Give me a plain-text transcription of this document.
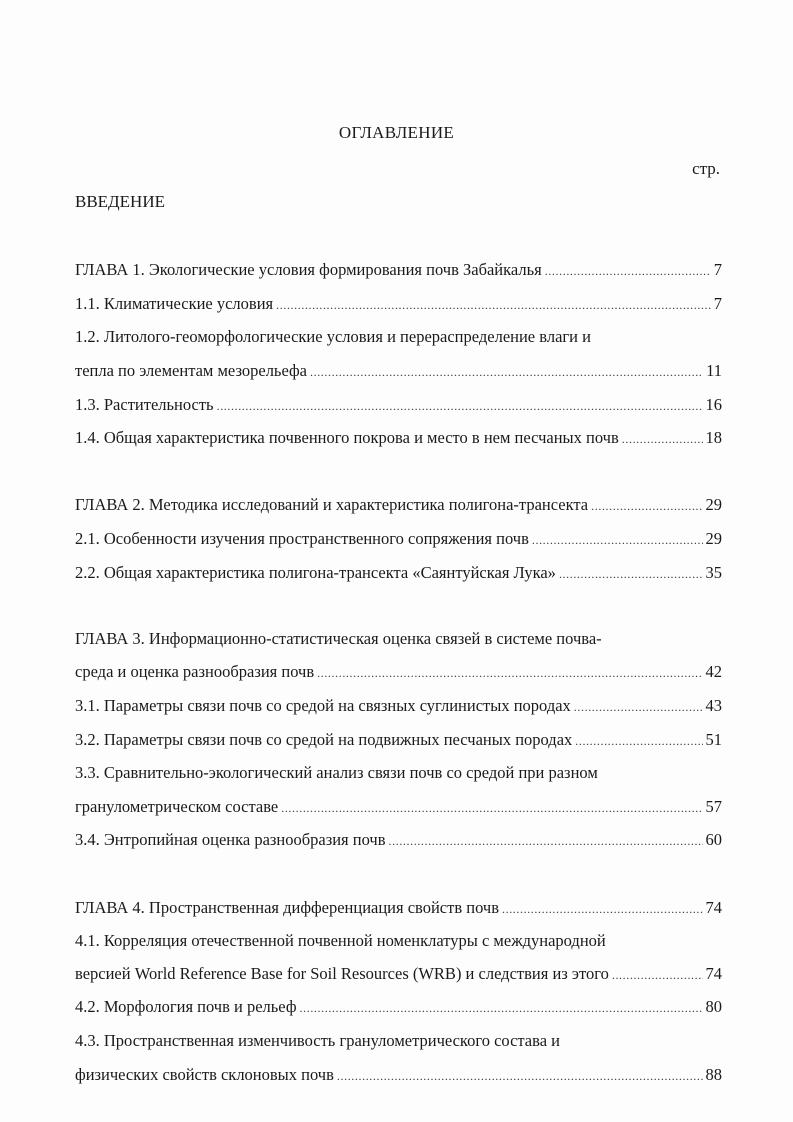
ОГЛАВЛЕНИЕ
стр.
ВВЕДЕНИЕ
ГЛАВА 1. Экологические условия формирования почв Забайкалья . . .	7
1.1. Климатические условия . . .	7
1.2. Литолого-геоморфологические условия и перераспределение влаги и
тепла по элементам мезорельефа . . .	11
1.3. Растительность . . .	16
1.4. Общая характеристика почвенного покрова и место в нем песчаных почв . . .	18
ГЛАВА 2. Методика исследований и характеристика полигона-трансекта . . .	29
2.1. Особенности изучения пространственного сопряжения почв . . .	29
2.2. Общая характеристика полигона-трансекта «Саянтуйская Лука» . . .	35
ГЛАВА 3. Информационно-статистическая оценка связей в системе почва-
среда и оценка разнообразия почв . . .	42
3.1. Параметры связи почв со средой на связных суглинистых породах . . .	43
3.2. Параметры связи почв со средой на подвижных песчаных породах . . .	51
3.3. Сравнительно-экологический анализ связи почв со средой при разном
гранулометрическом составе . . .	57
3.4. Энтропийная оценка разнообразия почв . . .	60
ГЛАВА 4. Пространственная дифференциация свойств почв . . .	74
4.1. Корреляция отечественной почвенной номенклатуры с международной
версией World Reference Base for Soil Resources (WRB) и следствия из этого . . .	74
4.2. Морфология почв и рельеф . . .	80
4.3. Пространственная изменчивость гранулометрического состава и
физических свойств склоновых почв . . .	88
